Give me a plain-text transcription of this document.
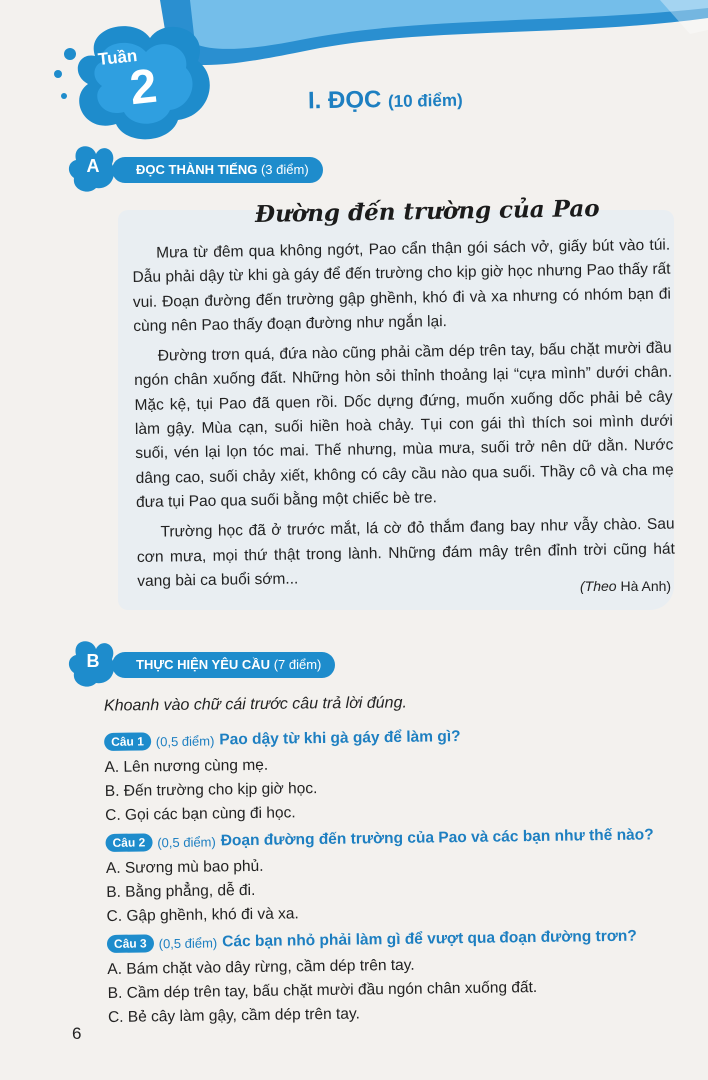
Tuần
2	I. ĐỌC (10 điểm)
A	ĐỌC THÀNH TIẾNG (3 điểm)
Đường đến trường của Pao

Mưa từ đêm qua không ngớt, Pao cẩn thận gói sách vở, giấy bút vào túi. Dẫu phải dậy từ khi gà gáy để đến trường cho kịp giờ học nhưng Pao thấy rất vui. Đoạn đường đến trường gập ghềnh, khó đi và xa nhưng có nhóm bạn đi cùng nên Pao thấy đoạn đường như ngắn lại.

Đường trơn quá, đứa nào cũng phải cầm dép trên tay, bấu chặt mười đầu ngón chân xuống đất. Những hòn sỏi thỉnh thoảng lại “cựa mình” dưới chân. Mặc kệ, tụi Pao đã quen rồi. Dốc dựng đứng, muốn xuống dốc phải bẻ cây làm gậy. Mùa cạn, suối hiền hoà chảy. Tụi con gái thì thích soi mình dưới suối, vén lại lọn tóc mai. Thế nhưng, mùa mưa, suối trở nên dữ dằn. Nước dâng cao, suối chảy xiết, không có cây cầu nào qua suối. Thầy cô và cha mẹ đưa tụi Pao qua suối bằng một chiếc bè tre.

Trường học đã ở trước mắt, lá cờ đỏ thắm đang bay như vẫy chào. Sau cơn mưa, mọi thứ thật trong lành. Những đám mây trên đỉnh trời cũng hát vang bài ca buổi sớm...	(Theo Hà Anh)
B	THỰC HIỆN YÊU CẦU (7 điểm)
Khoanh vào chữ cái trước câu trả lời đúng.
Câu 1 (0,5 điểm) Pao dậy từ khi gà gáy để làm gì?
A. Lên nương cùng mẹ.
B. Đến trường cho kịp giờ học.
C. Gọi các bạn cùng đi học.
Câu 2 (0,5 điểm) Đoạn đường đến trường của Pao và các bạn như thế nào?
A. Sương mù bao phủ.
B. Bằng phẳng, dễ đi.
C. Gập ghềnh, khó đi và xa.
Câu 3 (0,5 điểm) Các bạn nhỏ phải làm gì để vượt qua đoạn đường trơn?
A. Bám chặt vào dây rừng, cầm dép trên tay.
B. Cầm dép trên tay, bấu chặt mười đầu ngón chân xuống đất.
C. Bẻ cây làm gậy, cầm dép trên tay.
6
